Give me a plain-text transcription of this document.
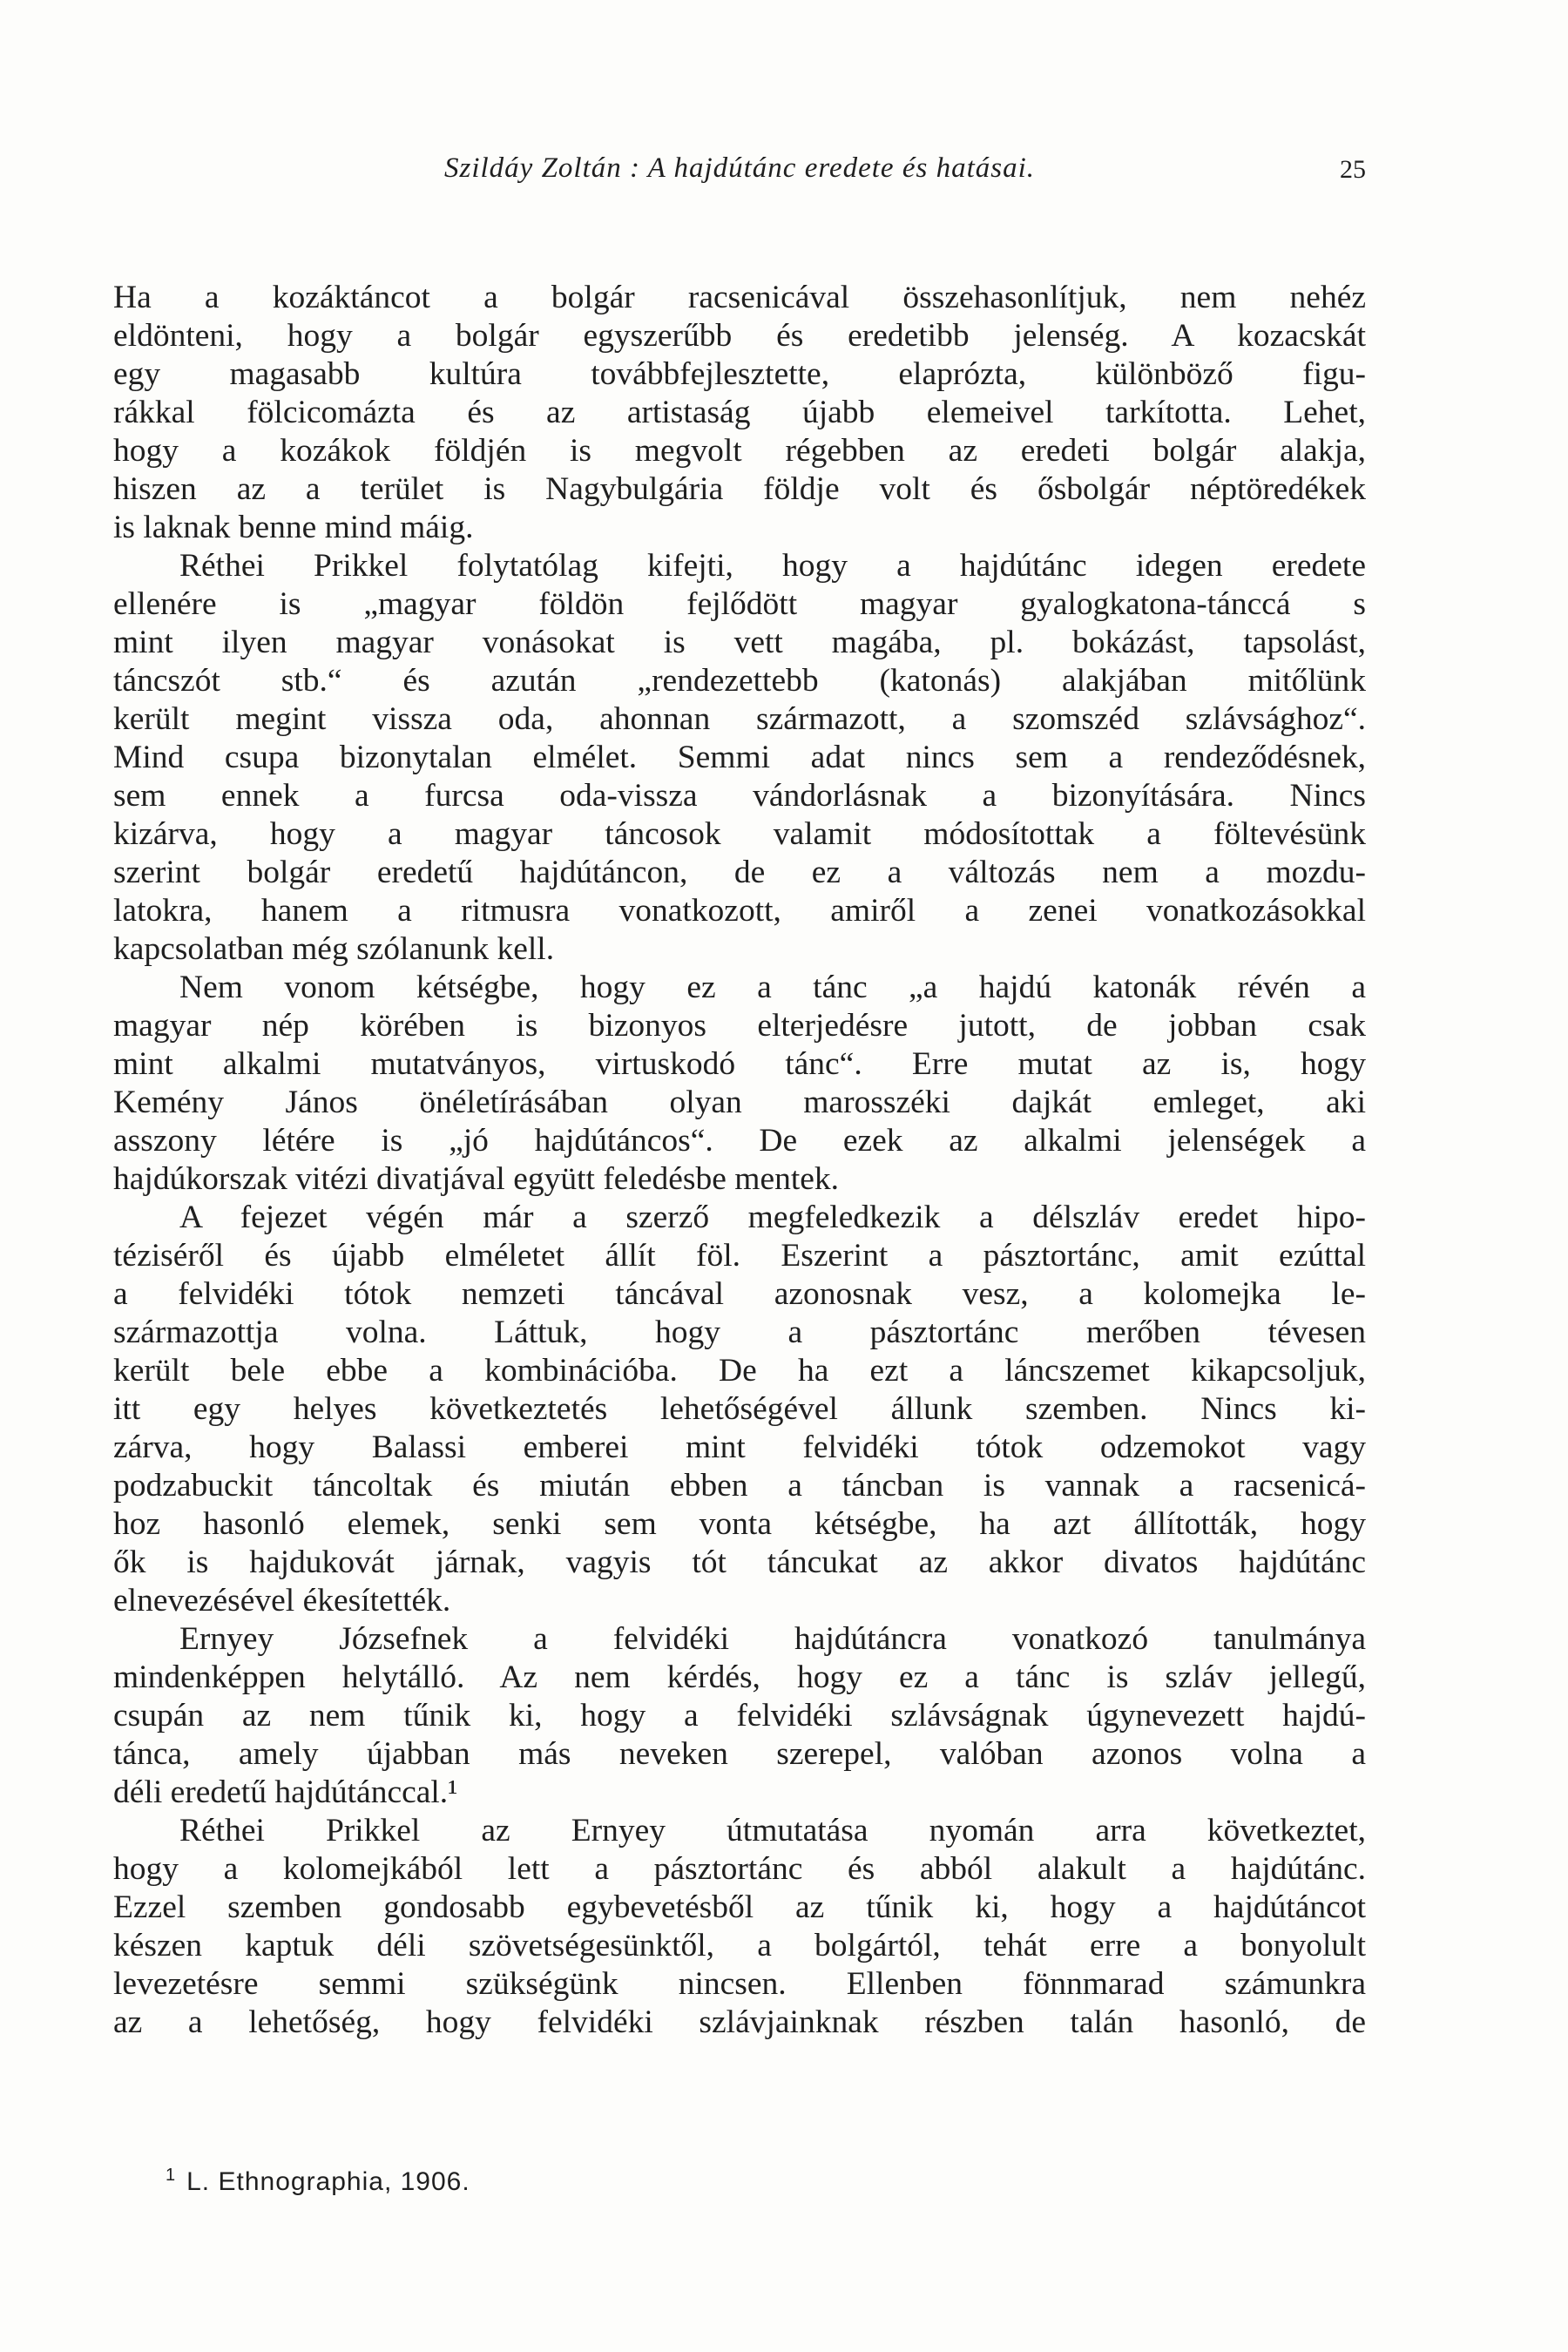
Szildáy Zoltán : A hajdútánc eredete és hatásai.	25
Ha a kozáktáncot a bolgár racsenicával összehasonlítjuk, nem nehéz
eldönteni, hogy a bolgár egyszerűbb és eredetibb jelenség. A kozacskát
egy magasabb kultúra továbbfejlesztette, elaprózta, különböző figu-
rákkal fölcicomázta és az artistaság újabb elemeivel tarkította. Lehet,
hogy a kozákok földjén is megvolt régebben az eredeti bolgár alakja,
hiszen az a terület is Nagybulgária földje volt és ősbolgár néptöredékek
is laknak benne mind máig.
Réthei Prikkel folytatólag kifejti, hogy a hajdútánc idegen eredete
ellenére is „magyar földön fejlődött magyar gyalogkatona-tánccá s
mint ilyen magyar vonásokat is vett magába, pl. bokázást, tapsolást,
táncszót stb.“ és azután „rendezettebb (katonás) alakjában mitőlünk
került megint vissza oda, ahonnan származott, a szomszéd szlávsághoz“.
Mind csupa bizonytalan elmélet. Semmi adat nincs sem a rendeződésnek,
sem ennek a furcsa oda-vissza vándorlásnak a bizonyítására. Nincs
kizárva, hogy a magyar táncosok valamit módosítottak a föltevésünk
szerint bolgár eredetű hajdútáncon, de ez a változás nem a mozdu-
latokra, hanem a ritmusra vonatkozott, amiről a zenei vonatkozásokkal
kapcsolatban még szólanunk kell.
Nem vonom kétségbe, hogy ez a tánc „a hajdú katonák révén a
magyar nép körében is bizonyos elterjedésre jutott, de jobban csak
mint alkalmi mutatványos, virtuskodó tánc“. Erre mutat az is, hogy
Kemény János önéletírásában olyan marosszéki dajkát emleget, aki
asszony létére is „jó hajdútáncos“. De ezek az alkalmi jelenségek a
hajdúkorszak vitézi divatjával együtt feledésbe mentek.
A fejezet végén már a szerző megfeledkezik a délszláv eredet hipo-
téziséről és újabb elméletet állít föl. Eszerint a pásztortánc, amit ezúttal
a felvidéki tótok nemzeti táncával azonosnak vesz, a kolomejka le-
származottja volna. Láttuk, hogy a pásztortánc merőben tévesen
került bele ebbe a kombinációba. De ha ezt a láncszemet kikapcsoljuk,
itt egy helyes következtetés lehetőségével állunk szemben. Nincs ki-
zárva, hogy Balassi emberei mint felvidéki tótok odzemokot vagy
podzabuckit táncoltak és miután ebben a táncban is vannak a racsenicá-
hoz hasonló elemek, senki sem vonta kétségbe, ha azt állították, hogy
ők is hajdukovát járnak, vagyis tót táncukat az akkor divatos hajdútánc
elnevezésével ékesítették.
Ernyey Józsefnek a felvidéki hajdútáncra vonatkozó tanulmánya
mindenképpen helytálló. Az nem kérdés, hogy ez a tánc is szláv jellegű,
csupán az nem tűnik ki, hogy a felvidéki szlávságnak úgynevezett hajdú-
tánca, amely újabban más neveken szerepel, valóban azonos volna a
déli eredetű hajdútánccal.¹
Réthei Prikkel az Ernyey útmutatása nyomán arra következtet,
hogy a kolomejkából lett a pásztortánc és abból alakult a hajdútánc.
Ezzel szemben gondosabb egybevetésből az tűnik ki, hogy a hajdútáncot
készen kaptuk déli szövetségesünktől, a bolgártól, tehát erre a bonyolult
levezetésre semmi szükségünk nincsen. Ellenben fönnmarad számunkra
az a lehetőség, hogy felvidéki szlávjainknak részben talán hasonló, de
$^1$ L. Ethnographia, 1906.
